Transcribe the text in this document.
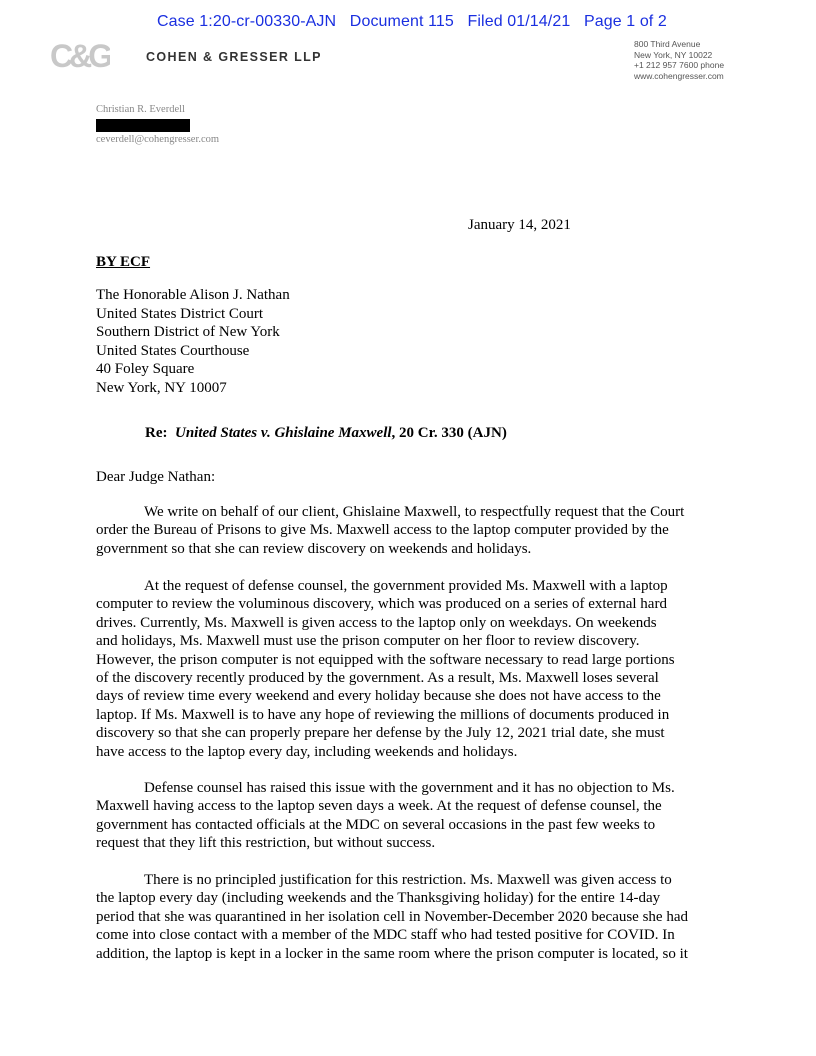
Case 1:20-cr-00330-AJN   Document 115   Filed 01/14/21   Page 1 of 2
C&G	COHEN & GRESSER LLP
800 Third Avenue
New York, NY 10022
+1 212 957 7600 phone
www.cohengresser.com
Christian R. Everdell
ceverdell@cohengresser.com
January 14, 2021
BY ECF
The Honorable Alison J. Nathan
United States District Court
Southern District of New York
United States Courthouse
40 Foley Square
New York, NY 10007
Re: United States v. Ghislaine Maxwell, 20 Cr. 330 (AJN)
Dear Judge Nathan:
We write on behalf of our client, Ghislaine Maxwell, to respectfully request that the Court
order the Bureau of Prisons to give Ms. Maxwell access to the laptop computer provided by the
government so that she can review discovery on weekends and holidays.
At the request of defense counsel, the government provided Ms. Maxwell with a laptop
computer to review the voluminous discovery, which was produced on a series of external hard
drives. Currently, Ms. Maxwell is given access to the laptop only on weekdays. On weekends
and holidays, Ms. Maxwell must use the prison computer on her floor to review discovery.
However, the prison computer is not equipped with the software necessary to read large portions
of the discovery recently produced by the government. As a result, Ms. Maxwell loses several
days of review time every weekend and every holiday because she does not have access to the
laptop. If Ms. Maxwell is to have any hope of reviewing the millions of documents produced in
discovery so that she can properly prepare her defense by the July 12, 2021 trial date, she must
have access to the laptop every day, including weekends and holidays.
Defense counsel has raised this issue with the government and it has no objection to Ms.
Maxwell having access to the laptop seven days a week. At the request of defense counsel, the
government has contacted officials at the MDC on several occasions in the past few weeks to
request that they lift this restriction, but without success.
There is no principled justification for this restriction. Ms. Maxwell was given access to
the laptop every day (including weekends and the Thanksgiving holiday) for the entire 14-day
period that she was quarantined in her isolation cell in November-December 2020 because she had
come into close contact with a member of the MDC staff who had tested positive for COVID. In
addition, the laptop is kept in a locker in the same room where the prison computer is located, so it
